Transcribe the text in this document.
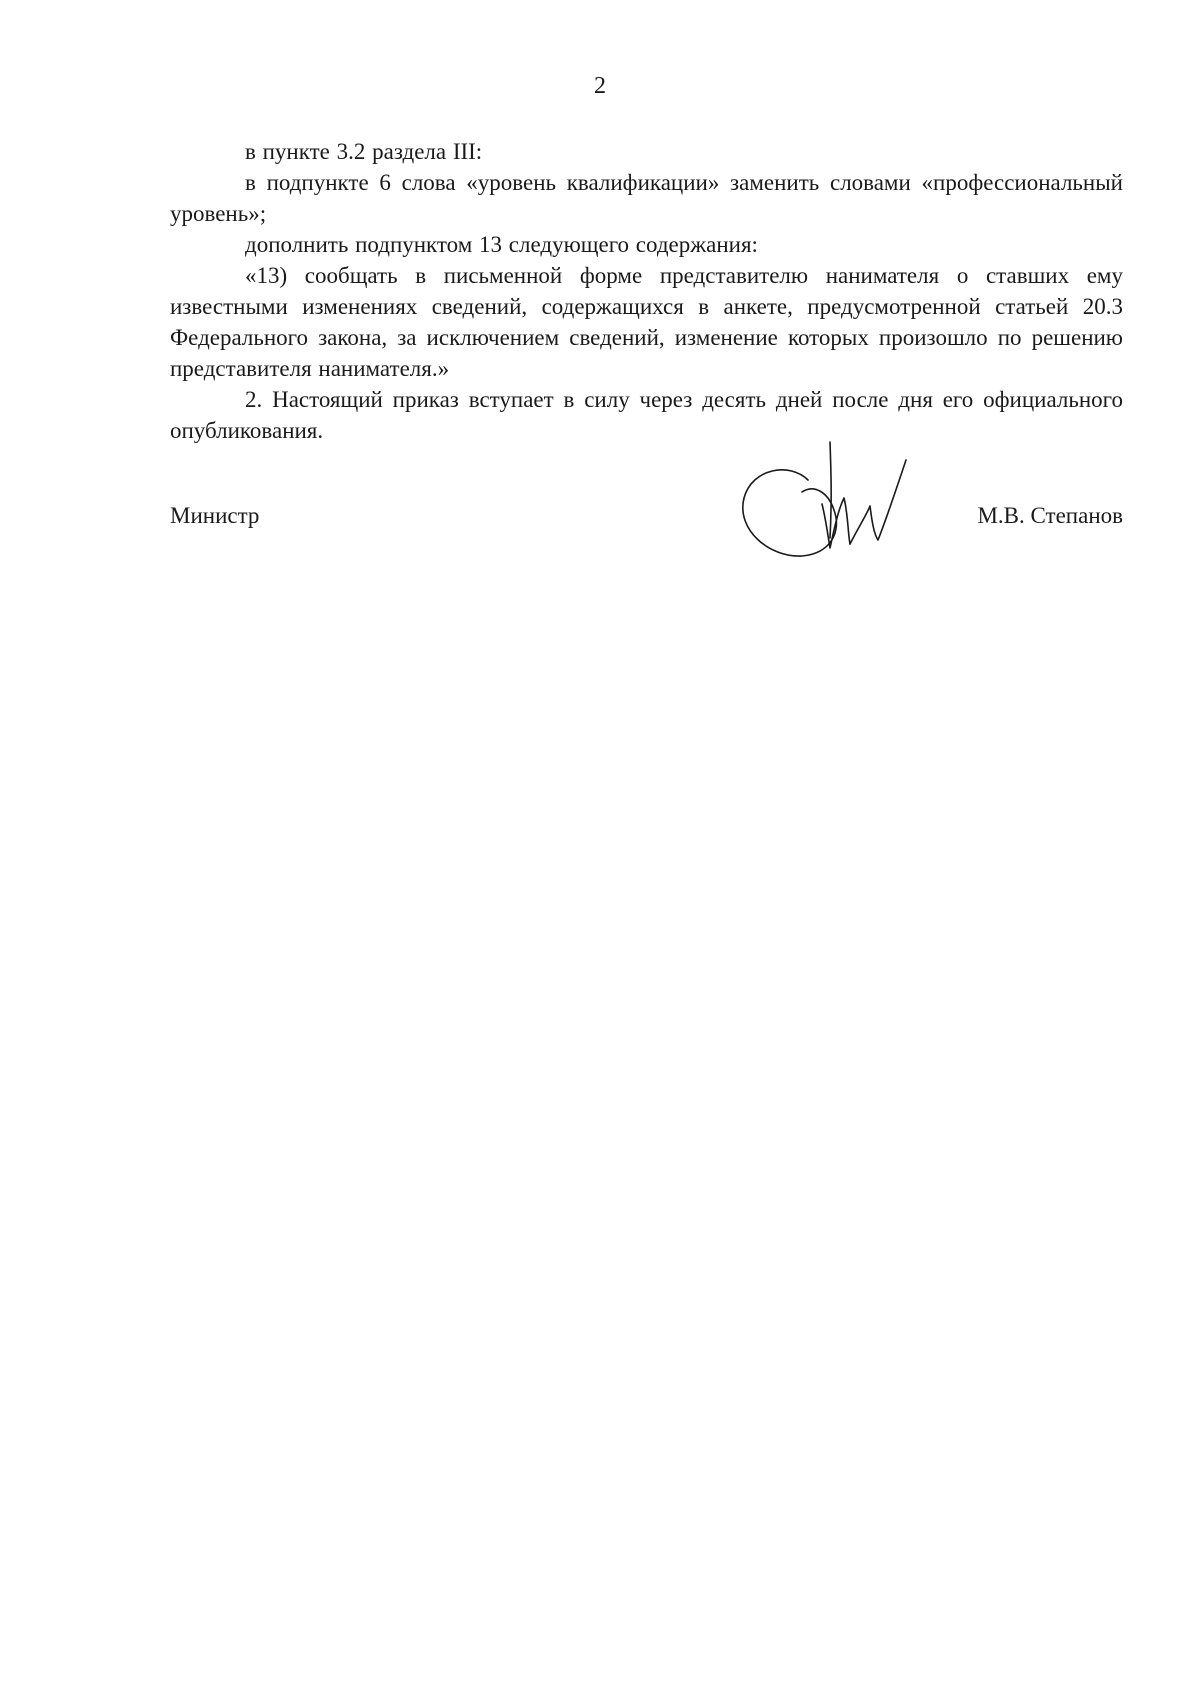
2

в пункте 3.2 раздела III:

в подпункте 6 слова «уровень квалификации» заменить словами «профессиональный уровень»;

дополнить подпунктом 13 следующего содержания:

«13) сообщать в письменной форме представителю нанимателя о ставших ему известными изменениях сведений, содержащихся в анкете, предусмотренной статьей 20.3 Федерального закона, за исключением сведений, изменение которых произошло по решению представителя нанимателя.»

2. Настоящий приказ вступает в силу через десять дней после дня его официального опубликования.

Министр	М.В. Степанов
